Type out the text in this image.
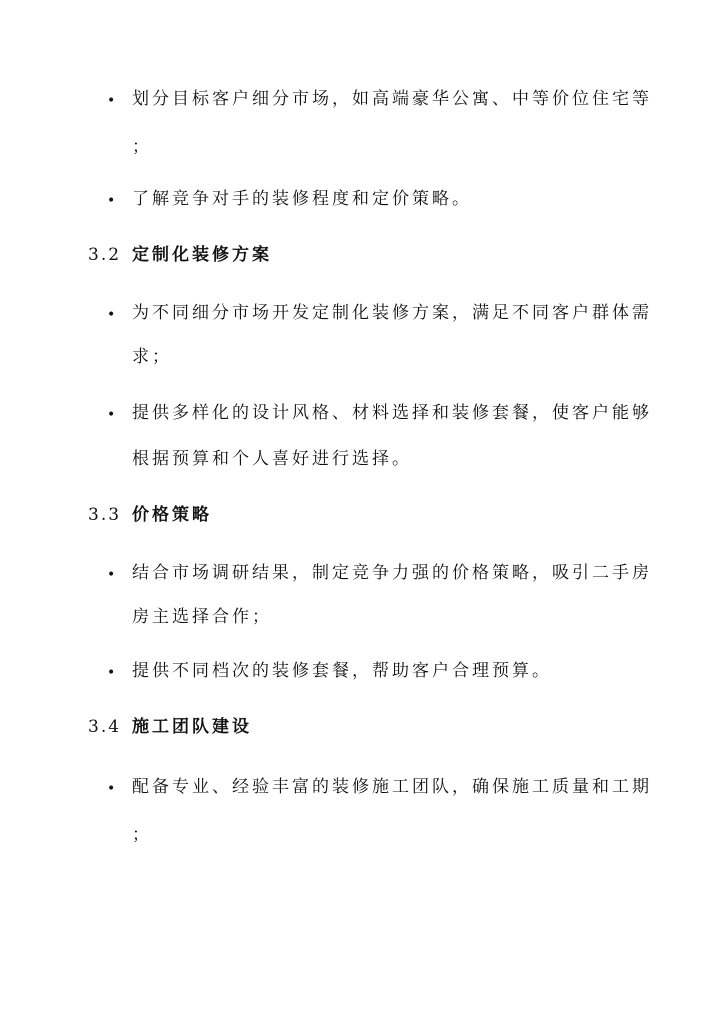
• 划分目标客户细分市场，如高端豪华公寓、中等价位住宅等
；
• 了解竞争对手的装修程度和定价策略。
3.2 定制化装修方案
• 为不同细分市场开发定制化装修方案，满足不同客户群体需
求；
• 提供多样化的设计风格、材料选择和装修套餐，使客户能够
根据预算和个人喜好进行选择。
3.3 价格策略
• 结合市场调研结果，制定竞争力强的价格策略，吸引二手房
房主选择合作；
• 提供不同档次的装修套餐，帮助客户合理预算。
3.4 施工团队建设
• 配备专业、经验丰富的装修施工团队，确保施工质量和工期
；
